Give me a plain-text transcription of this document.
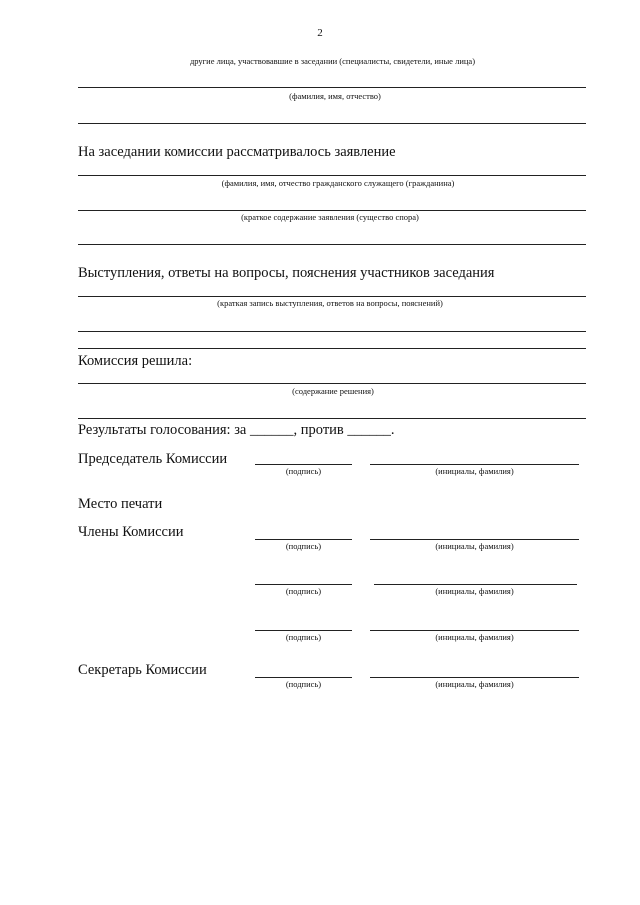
2
другие лица, участвовавшие в заседании (специалисты, свидетели, иные лица)
(фамилия, имя, отчество)
На заседании комиссии рассматривалось заявление
(фамилия, имя, отчество гражданского служащего (гражданина)
(краткое содержание заявления (существо спора)
Выступления, ответы на вопросы, пояснения участников заседания
(краткая запись выступления, ответов на вопросы, пояснений)
Комиссия решила:
(содержание решения)
Результаты голосования: за ______, против ______.
Председатель Комиссии
(подпись)	(инициалы, фамилия)
Место печати
Члены Комиссии
(подпись)	(инициалы, фамилия)
(подпись)	(инициалы, фамилия)
(подпись)	(инициалы, фамилия)
Секретарь Комиссии
(подпись)	(инициалы, фамилия)
